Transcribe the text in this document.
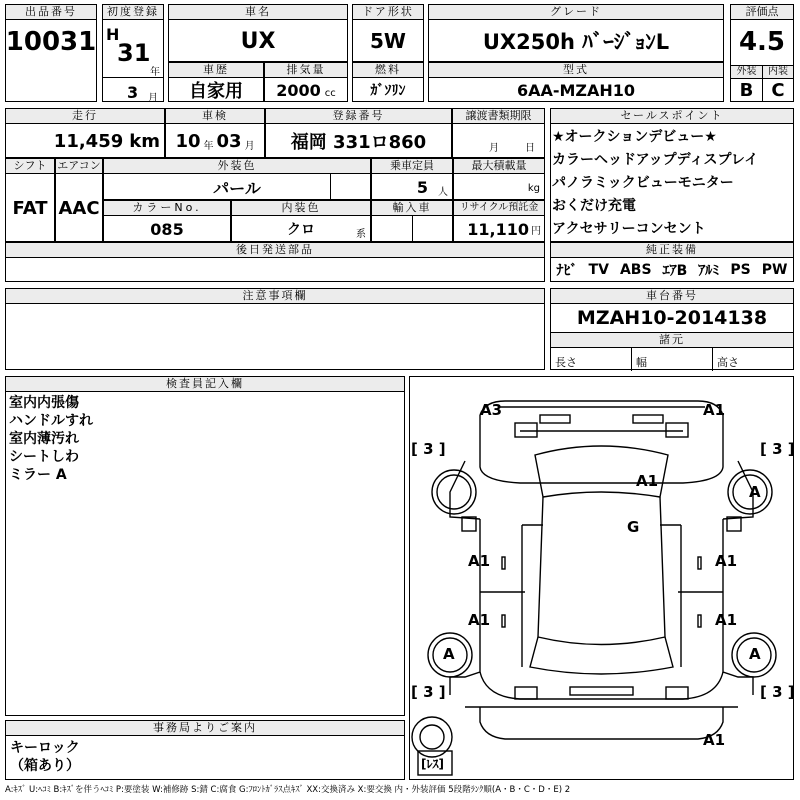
出品番号
10031
初度登録
H
31
年
3 月
車名
UX
ドア形状
5W
グレード
UX250h ﾊﾞｰｼﾞｮﾝL
評価点
4.5
外装	内装
B	C
車歴
自家用
排気量
2000 cc
燃料
ｶﾞｿﾘﾝ
型式
6AA-MZAH10
走行
11,459 km
車検
10 年 03 月
登録番号
福岡 331ロ860
譲渡書類期限
月	日
シフト
FAT
エアコン
AAC
外装色
パール
乗車定員
5 人
最大積載量
kg
カラーNo.
085
内装色
クロ	系
輸入車	リサイクル預託金
11,110 円
後日発送部品
注意事項欄
セールスポイント
★オークションデビュー★
カラーヘッドアップディスプレイ
パノラミックビューモニター
おくだけ充電
アクセサリーコンセント
純正装備
ﾅﾋﾞ TV ABS ｴｱB ｱﾙﾐ PS PW
車台番号
MZAH10-2014138
諸元
長さ	幅	高さ
検査員記入欄
室内内張傷
ハンドルすれ
室内薄汚れ
シートしわ
ミラー A
事務局よりご案内
キーロック
（箱あり）
A3	A1
[ 3 ]	[ 3 ]
A1
A
G
A1	A1
A1	A1
A	A
[ 3 ]	[ 3 ]
A1
[ﾚｽ]
A:ｷｽﾞ U:ﾍｺﾐ B:ｷｽﾞを伴うﾍｺﾐ P:要塗装 W:補修跡 S:錆 C:腐食 G:ﾌﾛﾝﾄｶﾞﾗｽ点ｷｽﾞ XX:交換済み X:要交換 内・外装評価 5段階ﾗﾝｸ順(A・B・C・D・E) 2
